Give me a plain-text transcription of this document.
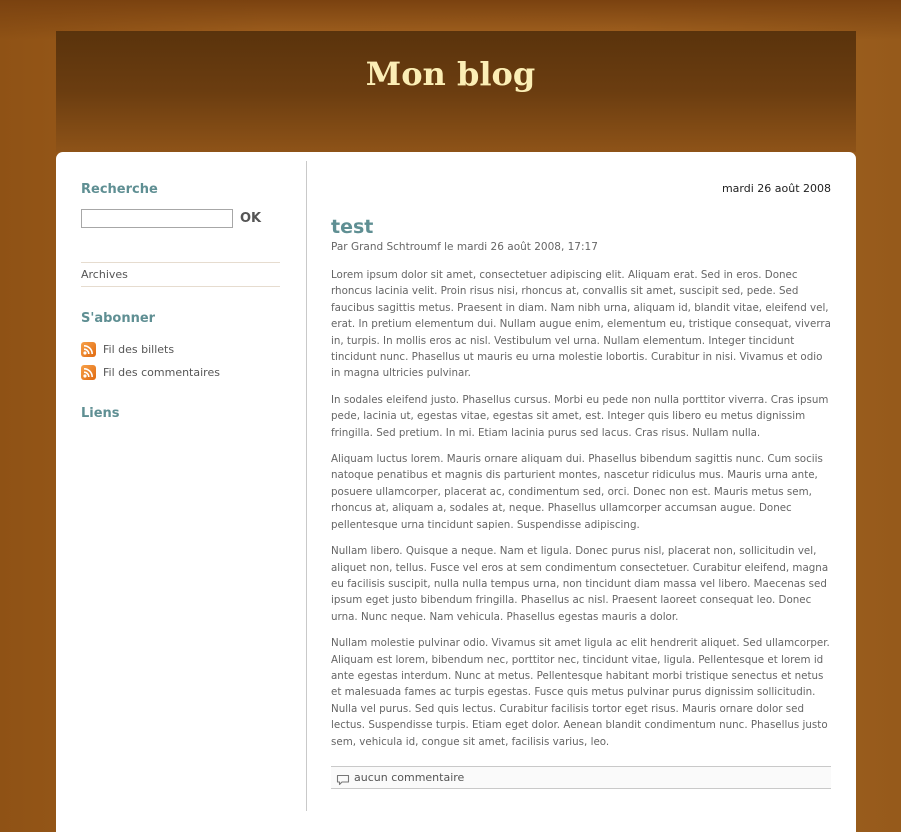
Mon blog
Recherche
OK
Archives
S'abonner
Fil des billets
Fil des commentaires
Liens
mardi 26 août 2008
test
Par Grand Schtroumf le mardi 26 août 2008, 17:17

Lorem ipsum dolor sit amet, consectetuer adipiscing elit. Aliquam erat. Sed in eros. Donec rhoncus lacinia velit. Proin risus nisi, rhoncus at, convallis sit amet, suscipit sed, pede. Sed faucibus sagittis metus. Praesent in diam. Nam nibh urna, aliquam id, blandit vitae, eleifend vel, erat. In pretium elementum dui. Nullam augue enim, elementum eu, tristique consequat, viverra in, turpis. In mollis eros ac nisl. Vestibulum vel urna. Nullam elementum. Integer tincidunt tincidunt nunc. Phasellus ut mauris eu urna molestie lobortis. Curabitur in nisi. Vivamus et odio in magna ultricies pulvinar.

In sodales eleifend justo. Phasellus cursus. Morbi eu pede non nulla porttitor viverra. Cras ipsum pede, lacinia ut, egestas vitae, egestas sit amet, est. Integer quis libero eu metus dignissim fringilla. Sed pretium. In mi. Etiam lacinia purus sed lacus. Cras risus. Nullam nulla.

Aliquam luctus lorem. Mauris ornare aliquam dui. Phasellus bibendum sagittis nunc. Cum sociis natoque penatibus et magnis dis parturient montes, nascetur ridiculus mus. Mauris urna ante, posuere ullamcorper, placerat ac, condimentum sed, orci. Donec non est. Mauris metus sem, rhoncus at, aliquam a, sodales at, neque. Phasellus ullamcorper accumsan augue. Donec pellentesque urna tincidunt sapien. Suspendisse adipiscing.

Nullam libero. Quisque a neque. Nam et ligula. Donec purus nisl, placerat non, sollicitudin vel, aliquet non, tellus. Fusce vel eros at sem condimentum consectetuer. Curabitur eleifend, magna eu facilisis suscipit, nulla nulla tempus urna, non tincidunt diam massa vel libero. Maecenas sed ipsum eget justo bibendum fringilla. Phasellus ac nisl. Praesent laoreet consequat leo. Donec urna. Nunc neque. Nam vehicula. Phasellus egestas mauris a dolor.

Nullam molestie pulvinar odio. Vivamus sit amet ligula ac elit hendrerit aliquet. Sed ullamcorper. Aliquam est lorem, bibendum nec, porttitor nec, tincidunt vitae, ligula. Pellentesque et lorem id ante egestas interdum. Nunc at metus. Pellentesque habitant morbi tristique senectus et netus et malesuada fames ac turpis egestas. Fusce quis metus pulvinar purus dignissim sollicitudin. Nulla vel purus. Sed quis lectus. Curabitur facilisis tortor eget risus. Mauris ornare dolor sed lectus. Suspendisse turpis. Etiam eget dolor. Aenean blandit condimentum nunc. Phasellus justo sem, vehicula id, congue sit amet, facilisis varius, leo.

aucun commentaire
